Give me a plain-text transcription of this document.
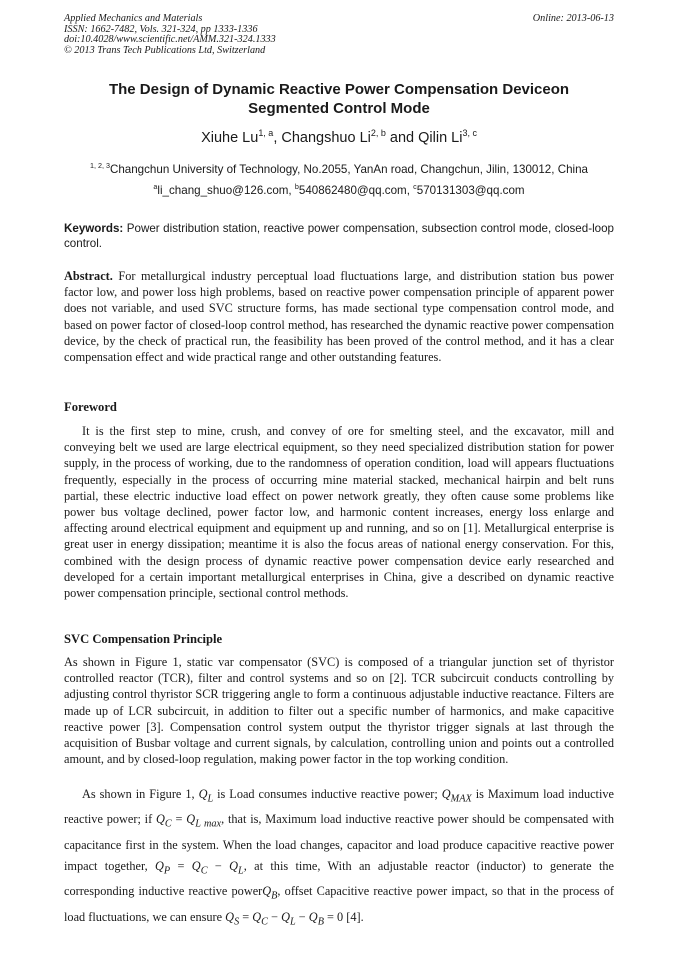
Applied Mechanics and Materials	Online: 2013-06-13
ISSN: 1662-7482, Vols. 321-324, pp 1333-1336
doi:10.4028/www.scientific.net/AMM.321-324.1333
© 2013 Trans Tech Publications Ltd, Switzerland
The Design of Dynamic Reactive Power Compensation Deviceon
Segmented Control Mode
Xiuhe Lu$^{1, a}$, Changshuo Li$^{2, b}$ and Qilin Li$^{3, c}$
$^{1, 2, 3}$Changchun University of Technology, No.2055, YanAn road, Changchun, Jilin, 130012, China
$^a$li_chang_shuo@126.com, $^b$540862480@qq.com, $^c$570131303@qq.com
Keywords: Power distribution station, reactive power compensation, subsection control mode, closed-loop control.
Abstract. For metallurgical industry perceptual load fluctuations large, and distribution station bus power factor low, and power loss high problems, based on reactive power compensation principle of apparent power does not variable, and used SVC structure forms, has made sectional type compensation control mode, and based on power factor of closed-loop control method, has researched the dynamic reactive power compensation device, by the check of practical run, the feasibility has been proved of the control method, and it has a clear compensation effect and wide practical range and other outstanding features.
Foreword
It is the first step to mine, crush, and convey of ore for smelting steel, and the excavator, mill and conveying belt we used are large electrical equipment, so they need specialized distribution station for power supply, in the process of working, due to the randomness of operation condition, load will appears fluctuations frequently, especially in the process of occurring mine material stacked, mechanical hairpin and belt runs partial, these electric inductive load effect on power network greatly, they often cause some problems like power bus voltage declined, power factor low, and harmonic content increases, energy loss enlarge and affecting around electrical equipment and equipment up and running, and so on [1]. Metallurgical enterprise is great user in energy dissipation; meantime it is also the focus areas of national energy conservation. For this, combined with the design process of dynamic reactive power compensation device early researched and developed for a certain important metallurgical enterprises in China, give a described on dynamic reactive power compensation principle, sectional control methods.
SVC Compensation Principle
As shown in Figure 1, static var compensator (SVC) is composed of a triangular junction set of thyristor controlled reactor (TCR), filter and control systems and so on [2]. TCR subcircuit conducts controlling by adjusting control thyristor SCR triggering angle to form a continuous adjustable inductive reactance. Filters are made up of LCR subcircuit, in addition to filter out a specific number of harmonics, and make capacitive reactive power [3]. Compensation control system output the thyristor trigger signals at last through the acquisition of Busbar voltage and current signals, by calculation, controlling union and points out a controlled amount, and by closed-loop regulation, making power factor in the top working condition.
As shown in Figure 1, $Q_L$ is Load consumes inductive reactive power; $Q_{MAX}$ is Maximum load inductive reactive power; if $Q_C = Q_{L max}$, that is, Maximum load inductive reactive power should be compensated with capacitance first in the system. When the load changes, capacitor and load produce capacitive reactive power impact together, $Q_P = Q_C - Q_L$, at this time, With an adjustable reactor (inductor) to generate the corresponding inductive reactive powerQ$_B$, offset Capacitive reactive power impact, so that in the process of load fluctuations, we can ensure $Q_S = Q_C - Q_L - Q_B = 0$ [4].
